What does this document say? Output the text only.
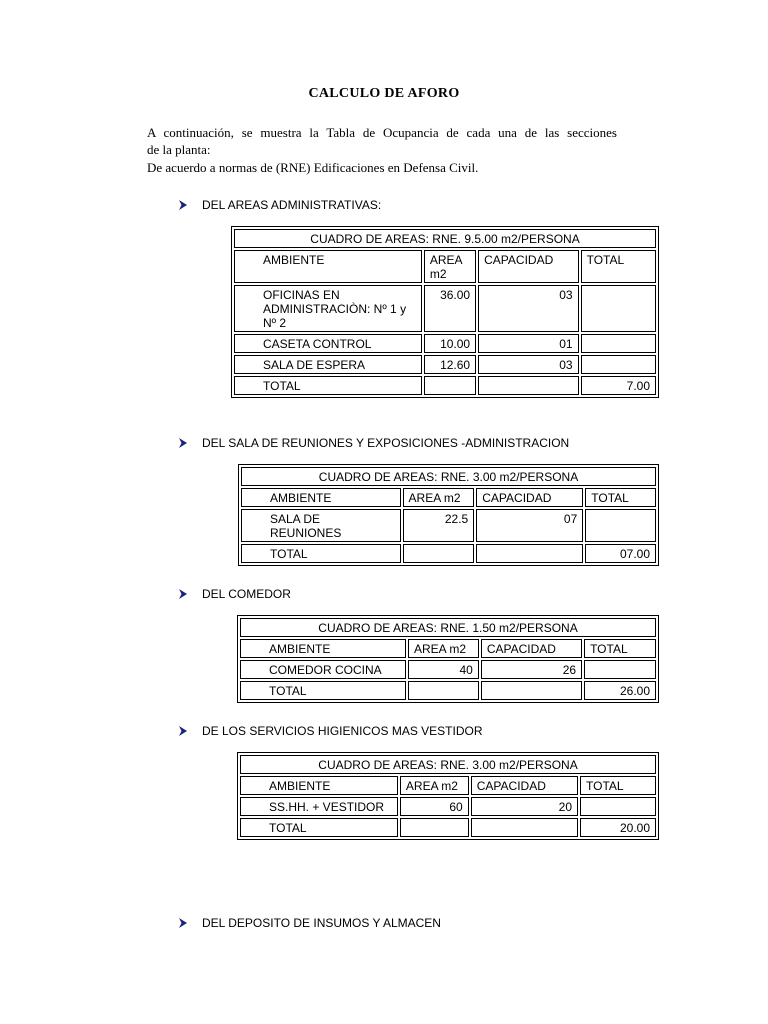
CALCULO DE AFORO
A continuación, se muestra la Tabla de Ocupancia de cada una de las secciones
de la planta:
De acuerdo a normas de (RNE) Edificaciones en Defensa Civil.
DEL AREAS ADMINISTRATIVAS:
CUADRO DE AREAS: RNE. 9.5.00 m2/PERSONA			
AMBIENTE	AREA m2	CAPACIDAD	TOTAL
OFICINAS EN ADMINISTRACIÒN: Nº 1 y Nº 2	36.00	03	
CASETA CONTROL	10.00	01	
SALA DE ESPERA	12.60	03	
TOTAL			7.00
DEL SALA DE REUNIONES Y EXPOSICIONES -ADMINISTRACION
CUADRO DE AREAS: RNE. 3.00 m2/PERSONA			
AMBIENTE	AREA m2	CAPACIDAD	TOTAL
SALA DE REUNIONES	22.5	07	
TOTAL			07.00
DEL COMEDOR
CUADRO DE AREAS: RNE. 1.50 m2/PERSONA			
AMBIENTE	AREA m2	CAPACIDAD	TOTAL
COMEDOR COCINA	40	26	
TOTAL			26.00
DE LOS SERVICIOS HIGIENICOS MAS VESTIDOR
CUADRO DE AREAS: RNE. 3.00 m2/PERSONA			
AMBIENTE	AREA m2	CAPACIDAD	TOTAL
SS.HH. + VESTIDOR	60	20	
TOTAL			20.00
DEL DEPOSITO DE INSUMOS Y ALMACEN
